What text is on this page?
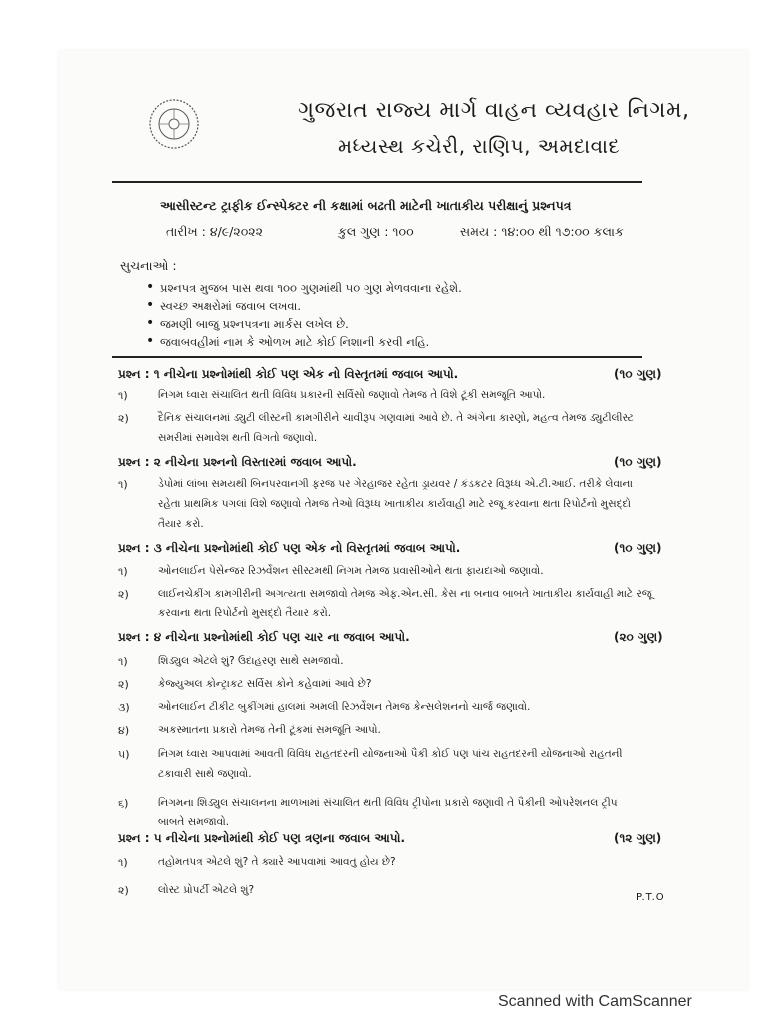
ગુજરાત રાજ્ય માર્ગ વાહન વ્યવહાર નિગમ,
મધ્યસ્થ કચેરી, રાણિપ, અમદાવાદ
આસીસ્ટન્ટ ટ્રાફીક ઈન્સ્પેક્ટર ની કક્ષામાં બઢતી માટેની ખાતાકીય પરીક્ષાનું પ્રશ્નપત્ર
તારીખ : ૪/૯/૨૦૨૨	કુલ ગુણ : ૧૦૦	સમય : ૧૪:૦૦ થી ૧૭:૦૦ કલાક
સુચનાઓ :
• પ્રશ્નપત્ર મુજબ પાસ થવા ૧૦૦ ગુણમાંથી ૫૦ ગુણ મેળવવાના રહેશે.
• સ્વચ્છ અક્ષરોમાં જવાબ લખવા.
• જમણી બાજુ પ્રશ્નપત્રના માર્કસ લખેલ છે.
• જવાબવહીમાં નામ કે ઓળખ માટે કોઈ નિશાની કરવી નહિ.
પ્રશ્ન : ૧ નીચેના પ્રશ્નોમાંથી કોઈ પણ એક નો વિસ્તૃતમાં જવાબ આપો.	(૧૦ ગુણ)
૧)	નિગમ ધ્વારા સંચાલિત થતી વિવિધ પ્રકારની સર્વિસો જણાવો તેમજ તે વિશે ટૂંકી સમજૂતિ આપો.
૨)	દૈનિક સંચાલનમાં ડ્યુટી લીસ્ટની કામગીરીને ચાવીરૂપ ગણવામાં આવે છે. તે અંગેના કારણો, મહત્વ તેમજ ડ્યુટીલીસ્ટ
સમરીમાં સમાવેશ થતી વિગતો જણાવો.
પ્રશ્ન : ૨ નીચેના પ્રશ્નનો વિસ્તારમાં જવાબ આપો.	(૧૦ ગુણ)
૧)	ડેપોમાં લાંબા સમયથી બિનપરવાનગી ફરજ પર ગેરહાજર રહેતા ડ્રાયવર / કંડકટર વિરૂધ્ધ એ.ટી.આઈ. તરીકે લેવાના
રહેતા પ્રાથમિક પગલાં વિશે જણાવો તેમજ તેઓ વિરૂધ્ધ ખાતાકીય કાર્યવાહી માટે રજૂ કરવાના થતા રિપોર્ટનો મુસદ્દો
તૈયાર કરો.
પ્રશ્ન : ૩ નીચેના પ્રશ્નોમાંથી કોઈ પણ એક નો વિસ્તૃતમાં જવાબ આપો.	(૧૦ ગુણ)
૧)	ઓનલાઈન પેસેન્જર રિઝર્વેશન સીસ્ટમથી નિગમ તેમજ પ્રવાસીઓને થતા ફાયદાઓ જણાવો.
૨)	લાઈનચેકીંગ કામગીરીની અગત્યતા સમજાવો તેમજ એફ.એન.સી. કેસ ના બનાવ બાબતે ખાતાકીય કાર્યવાહી માટે રજૂ
કરવાના થતા રિપોર્ટનો મુસદ્દો તૈયાર કરો.
પ્રશ્ન : ૪ નીચેના પ્રશ્નોમાંથી કોઈ પણ ચાર ના જવાબ આપો.	(૨૦ ગુણ)
૧)	શિડ્યુલ એટલે શું? ઉદાહરણ સાથે સમજાવો.
૨)	કેજ્યુઅલ કોન્ટ્રાકટ સર્વિસ કોને કહેવામાં આવે છે?
૩)	ઓનલાઈન ટીકીટ બુકીંગમાં હાલમાં અમલી રિઝર્વેશન તેમજ કેન્સલેશનનો ચાર્જ જણાવો.
૪)	અકસ્માતના પ્રકારો તેમજ તેની ટૂંકમાં સમજૂતિ આપો.
૫)	નિગમ ધ્વારા આપવામાં આવતી વિવિધ રાહતદરની યોજનાઓ પૈકી કોઈ પણ પાંચ રાહતદરની યોજનાઓ રાહતની
ટકાવારી સાથે જણાવો.
૬)	નિગમના શિડ્યુલ સંચાલનના માળખામાં સંચાલિત થતી વિવિધ ટ્રીપોના પ્રકારો જણાવી તે પૈકીની ઓપરેશનલ ટ્રીપ
બાબતે સમજાવો.
પ્રશ્ન : ૫ નીચેના પ્રશ્નોમાંથી કોઈ પણ ત્રણના જવાબ આપો.	(૧૨ ગુણ)
૧)	તહોમતપત્ર એટલે શું? તે ક્યારે આપવામાં આવતુ હોય છે?
૨)	લોસ્ટ પ્રોપર્ટી એટલે શું?
P.T.O
Scanned with CamScanner
